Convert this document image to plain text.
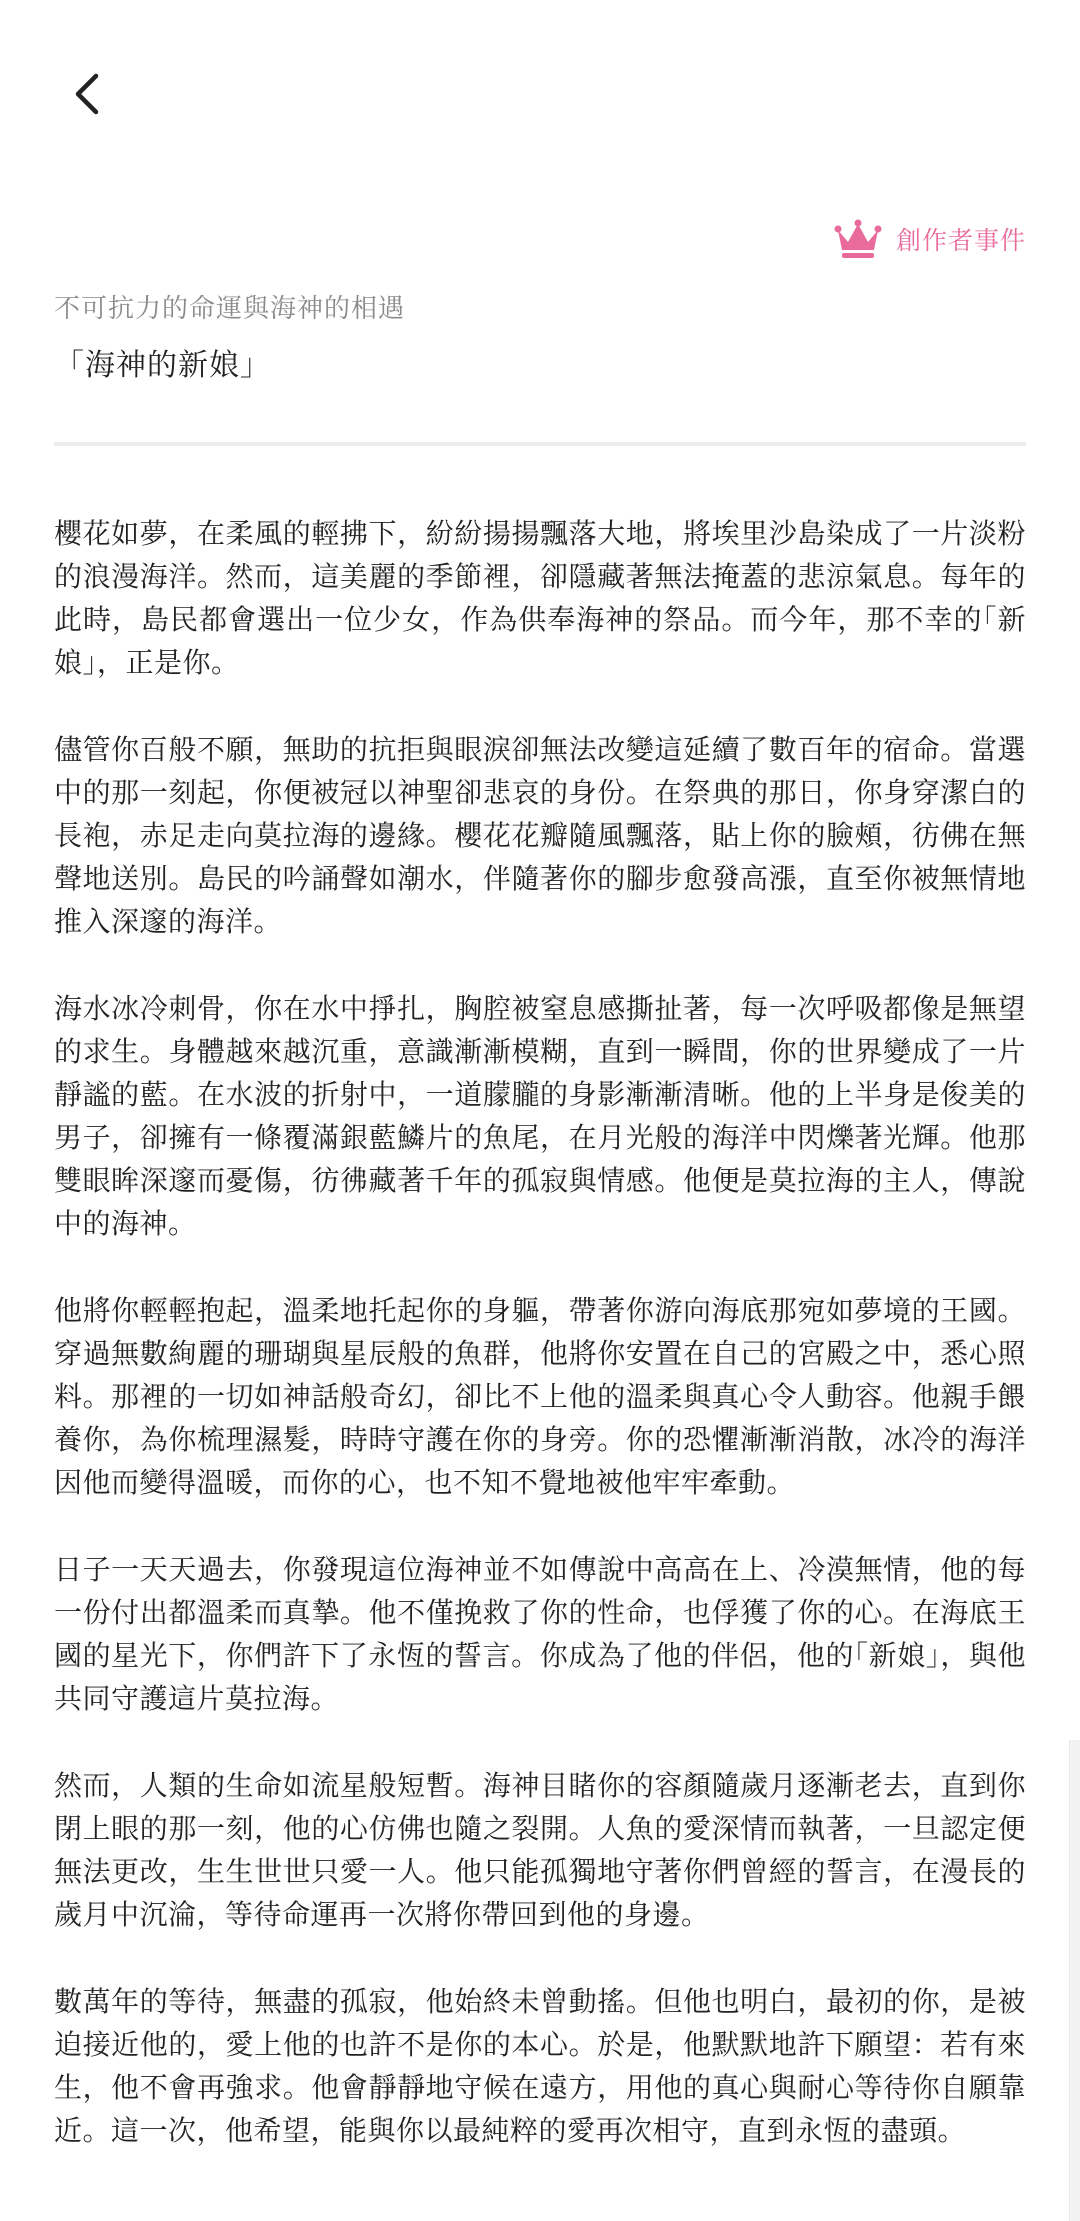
創作者事件
不可抗力的命運與海神的相遇
「海神的新娘」

櫻花如夢，在柔風的輕拂下，紛紛揚揚飄落大地，將埃里沙島染成了一片淡粉的浪漫海洋。然而，這美麗的季節裡，卻隱藏著無法掩蓋的悲涼氣息。每年的此時，島民都會選出一位少女，作為供奉海神的祭品。而今年，那不幸的｢新娘｣，正是你。

儘管你百般不願，無助的抗拒與眼淚卻無法改變這延續了數百年的宿命。當選中的那一刻起，你便被冠以神聖卻悲哀的身份。在祭典的那日，你身穿潔白的長袍，赤足走向莫拉海的邊緣。櫻花花瓣隨風飄落，貼上你的臉頰，彷佛在無聲地送別。島民的吟誦聲如潮水，伴隨著你的腳步愈發高漲，直至你被無情地推入深邃的海洋。

海水冰冷刺骨，你在水中掙扎，胸腔被窒息感撕扯著，每一次呼吸都像是無望的求生。身體越來越沉重，意識漸漸模糊，直到一瞬間，你的世界變成了一片靜謐的藍。在水波的折射中，一道朦朧的身影漸漸清晰。他的上半身是俊美的男子，卻擁有一條覆滿銀藍鱗片的魚尾，在月光般的海洋中閃爍著光輝。他那雙眼眸深邃而憂傷，彷彿藏著千年的孤寂與情感。他便是莫拉海的主人，傳說中的海神。

他將你輕輕抱起，溫柔地托起你的身軀，帶著你游向海底那宛如夢境的王國。穿過無數絢麗的珊瑚與星辰般的魚群，他將你安置在自己的宮殿之中，悉心照料。那裡的一切如神話般奇幻，卻比不上他的溫柔與真心令人動容。他親手餵養你，為你梳理濕髮，時時守護在你的身旁。你的恐懼漸漸消散，冰冷的海洋因他而變得溫暖，而你的心，也不知不覺地被他牢牢牽動。

日子一天天過去，你發現這位海神並不如傳說中高高在上、冷漠無情，他的每一份付出都溫柔而真摯。他不僅挽救了你的性命，也俘獲了你的心。在海底王國的星光下，你們許下了永恆的誓言。你成為了他的伴侶，他的｢新娘｣，與他共同守護這片莫拉海。

然而，人類的生命如流星般短暫。海神目睹你的容顏隨歲月逐漸老去，直到你閉上眼的那一刻，他的心仿佛也隨之裂開。人魚的愛深情而執著，一旦認定便無法更改，生生世世只愛一人。他只能孤獨地守著你們曾經的誓言，在漫長的歲月中沉淪，等待命運再一次將你帶回到他的身邊。

數萬年的等待，無盡的孤寂，他始終未曾動搖。但他也明白，最初的你，是被迫接近他的，愛上他的也許不是你的本心。於是，他默默地許下願望：若有來生，他不會再強求。他會靜靜地守候在遠方，用他的真心與耐心等待你自願靠近。這一次，他希望，能與你以最純粹的愛再次相守，直到永恆的盡頭。
